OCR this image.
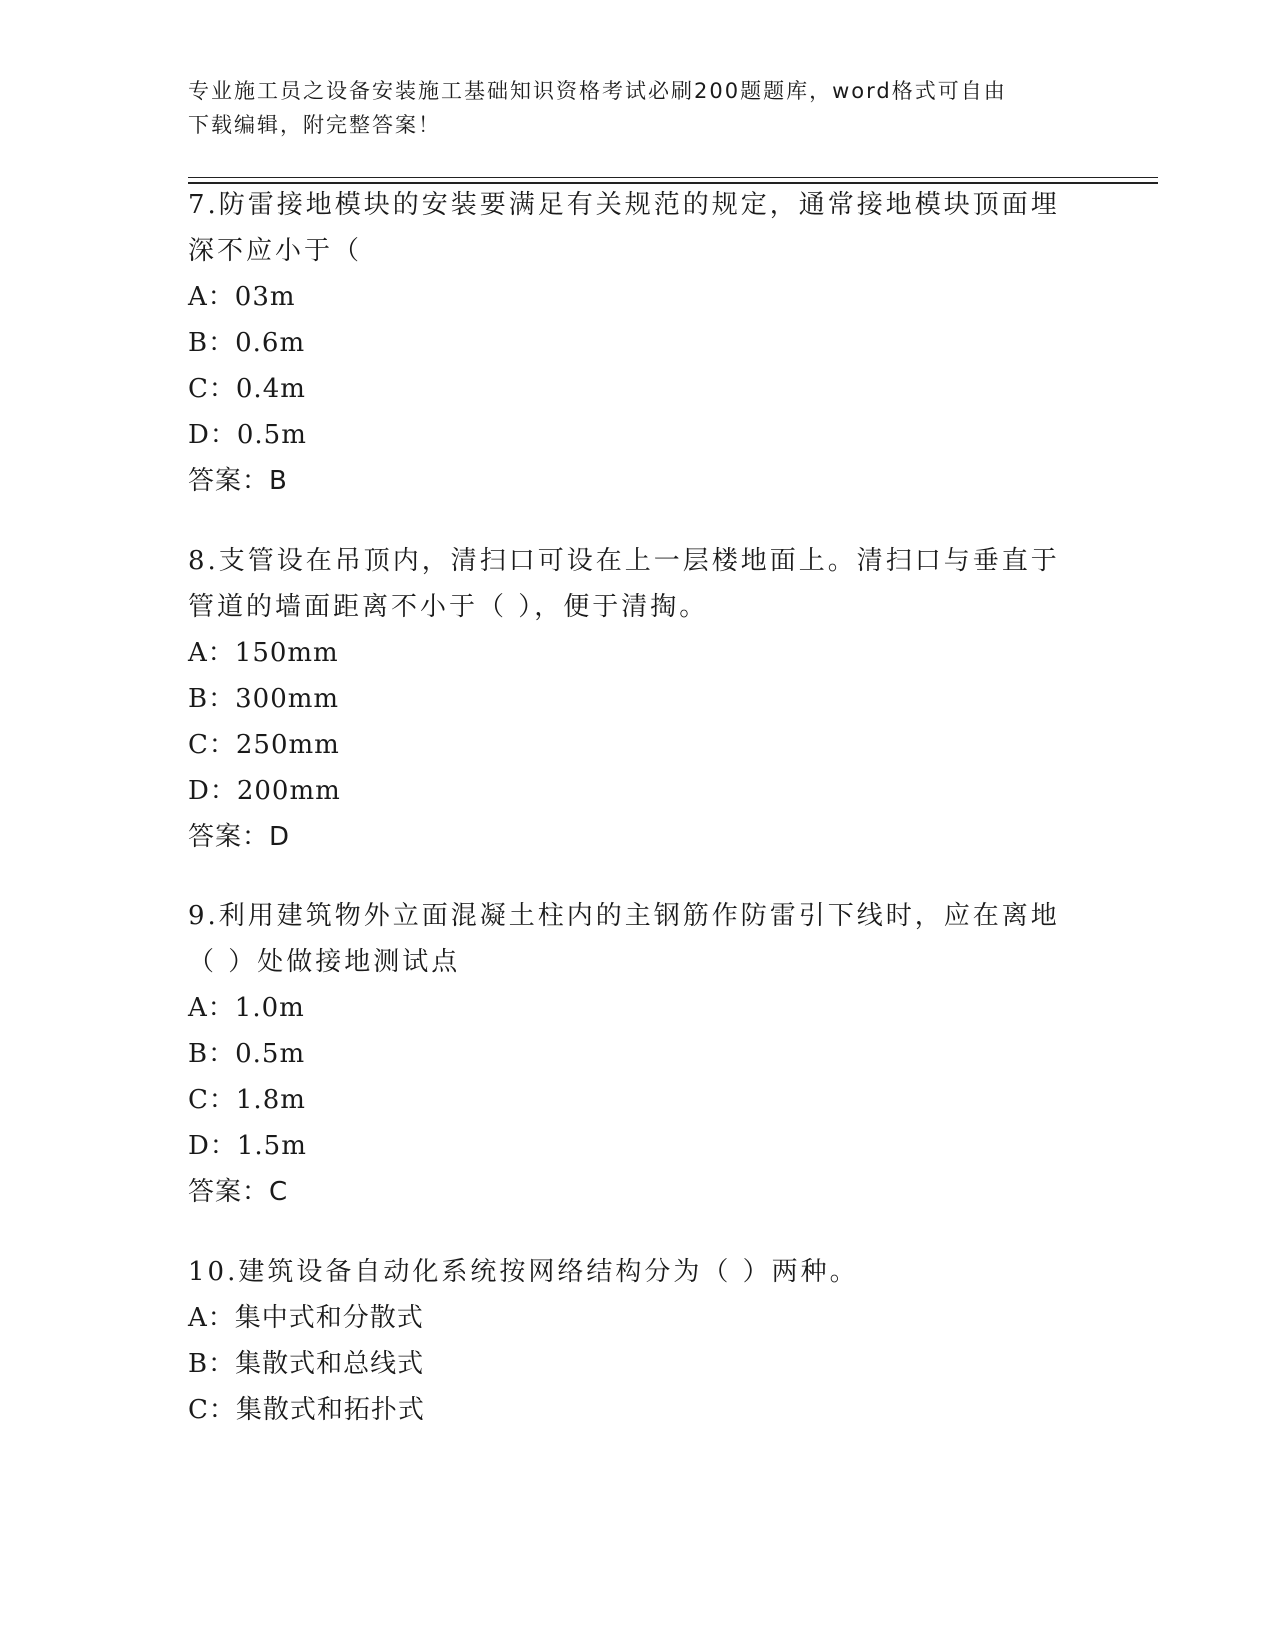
专业施工员之设备安装施工基础知识资格考试必刷200题题库，word格式可自由
下载编辑，附完整答案！
7.防雷接地模块的安装要满足有关规范的规定，通常接地模块顶面埋
深不应小于（
A：03m
B：0.6m
C：0.4m
D：0.5m
答案：B
8.支管设在吊顶内，清扫口可设在上一层楼地面上。清扫口与垂直于
管道的墙面距离不小于（ ），便于清掏。
A：150mm
B：300mm
C：250mm
D：200mm
答案：D
9.利用建筑物外立面混凝土柱内的主钢筋作防雷引下线时，应在离地
（ ）处做接地测试点
A：1.0m
B：0.5m
C：1.8m
D：1.5m
答案：C
10.建筑设备自动化系统按网络结构分为（ ）两种。
A：集中式和分散式
B：集散式和总线式
C：集散式和拓扑式
